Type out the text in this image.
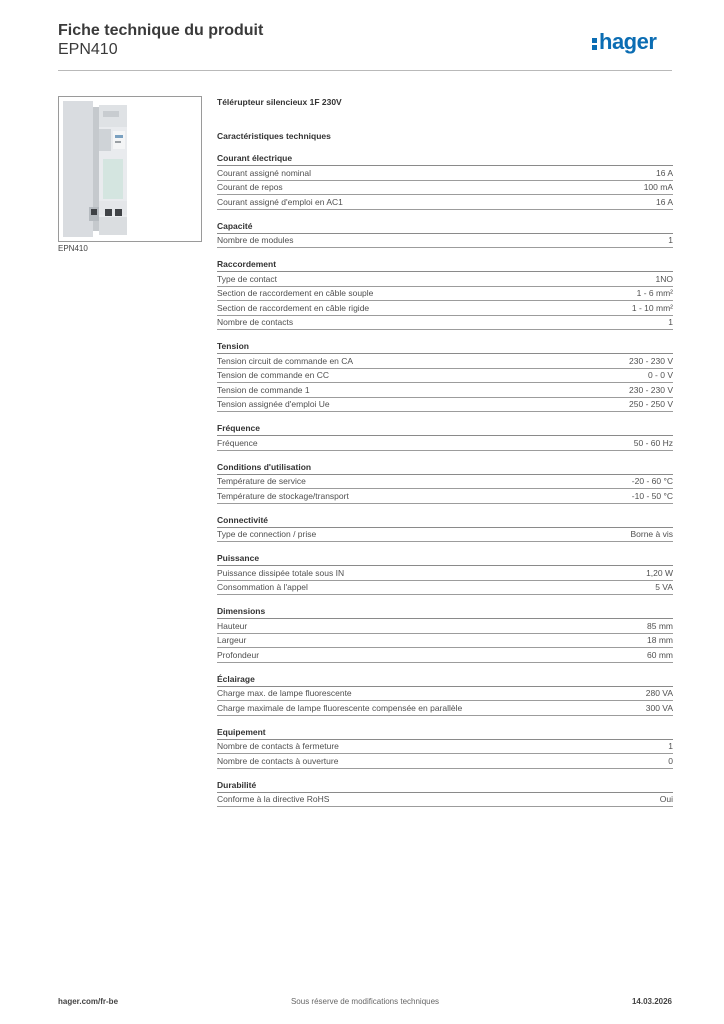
Fiche technique du produit
EPN410	hager
EPN410
Télérupteur silencieux 1F 230V
Caractéristiques techniques
Courant électrique
Courant assigné nominal	16 A
Courant de repos	100 mA
Courant assigné d'emploi en AC1	16 A
Capacité
Nombre de modules	1
Raccordement
Type de contact	1NO
Section de raccordement en câble souple	1 - 6 mm²
Section de raccordement en câble rigide	1 - 10 mm²
Nombre de contacts	1
Tension
Tension circuit de commande en CA	230 - 230 V
Tension de commande en CC	0 - 0 V
Tension de commande 1	230 - 230 V
Tension assignée d'emploi Ue	250 - 250 V
Fréquence
Fréquence	50 - 60 Hz
Conditions d'utilisation
Température de service	-20 - 60 °C
Température de stockage/transport	-10 - 50 °C
Connectivité
Type de connection / prise	Borne à vis
Puissance
Puissance dissipée totale sous IN	1,20 W
Consommation à l'appel	5 VA
Dimensions
Hauteur	85 mm
Largeur	18 mm
Profondeur	60 mm
Éclairage
Charge max. de lampe fluorescente	280 VA
Charge maximale de lampe fluorescente compensée en parallèle	300 VA
Equipement
Nombre de contacts à fermeture	1
Nombre de contacts à ouverture	0
Durabilité
Conforme à la directive RoHS	Oui
hager.com/fr-be	Sous réserve de modifications techniques	14.03.2026
